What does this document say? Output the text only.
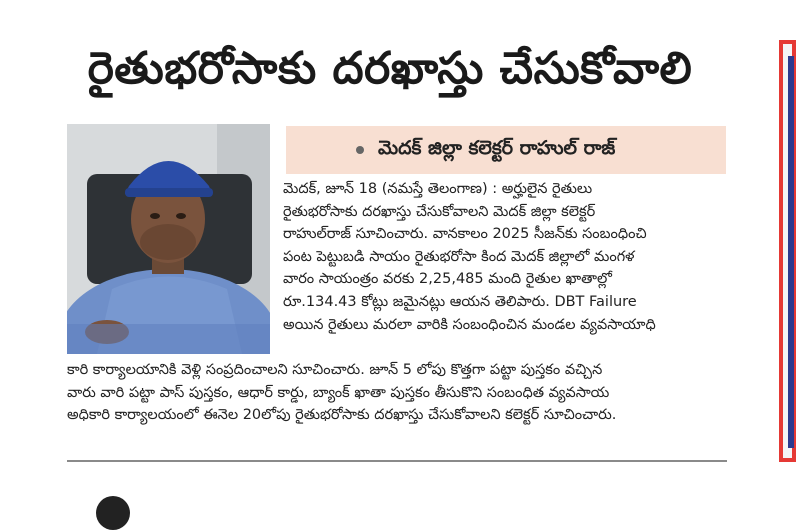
రైతుభరోసాకు దరఖాస్తు చేసుకోవాలి
మెదక్ జిల్లా కలెక్టర్ రాహుల్ రాజ్
మెదక్, జూన్ 18 (నమస్తే తెలంగాణ) : అర్హులైన రైతులు
రైతుభరోసాకు దరఖాస్తు చేసుకోవాలని మెదక్ జిల్లా కలెక్టర్
రాహుల్‌రాజ్ సూచించారు. వానకాలం 2025 సీజన్‌కు సంబంధించి
పంట పెట్టుబడి సాయం రైతుభరోసా కింద మెదక్ జిల్లాలో మంగళ
వారం సాయంత్రం వరకు 2,25,485 మంది రైతుల ఖాతాల్లో
రూ.134.43 కోట్లు జమైనట్లు ఆయన తెలిపారు. DBT Failure
అయిన రైతులు మరలా వారికి సంబంధించిన మండల వ్యవసాయాధి
కారి కార్యాలయానికి వెళ్లి సంప్రదించాలని సూచించారు. జూన్ 5 లోపు కొత్తగా పట్టా పుస్తకం వచ్చిన
వారు వారి పట్టా పాస్ పుస్తకం, ఆధార్ కార్డు, బ్యాంక్ ఖాతా పుస్తకం తీసుకొని సంబంధిత వ్యవసాయ
అధికారి కార్యాలయంలో ఈనెల 20లోపు రైతుభరోసాకు దరఖాస్తు చేసుకోవాలని కలెక్టర్ సూచించారు.
